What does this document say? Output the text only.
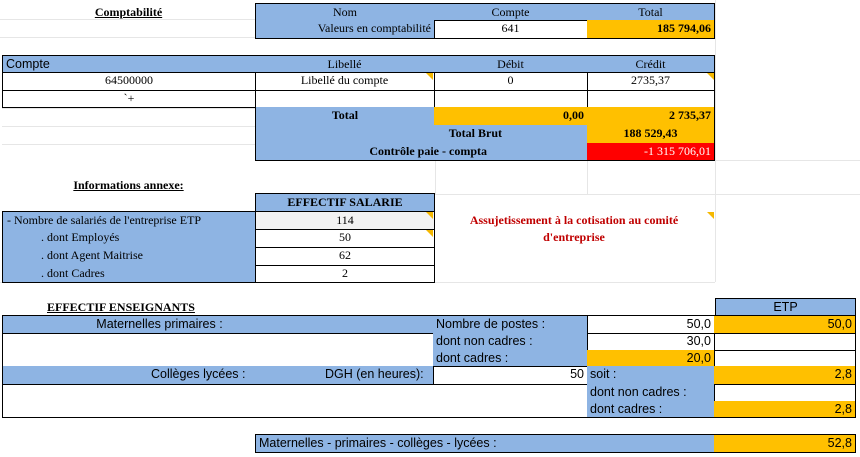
Comptabilité	Nom	Compte	Total
Valeurs en comptabilité	641	185 794,06
Compte	Libellé	Débit	Crédit
64500000	Libellé du compte	0	2735,37
`+
Total	0,00	2 735,37
Total Brut	188 529,43
Contrôle paie - compta	-1 315 706,01
Informations annexe:
EFFECTIF SALARIE
- Nombre de salariés de l'entreprise ETP	114
. dont Employés	50
. dont Agent Maitrise	62
. dont Cadres	2
Assujetissement à la cotisation au comité d'entreprise
EFFECTIF ENSEIGNANTS	ETP
Maternelles primaires :	Nombre de postes :	50,0	50,0
dont non cadres :	30,0
dont cadres :	20,0
Collèges lycées :	DGH (en heures):	50 soit :	2,8
dont non cadres :
dont cadres :	2,8
Maternelles - primaires - collèges - lycées :	52,8
